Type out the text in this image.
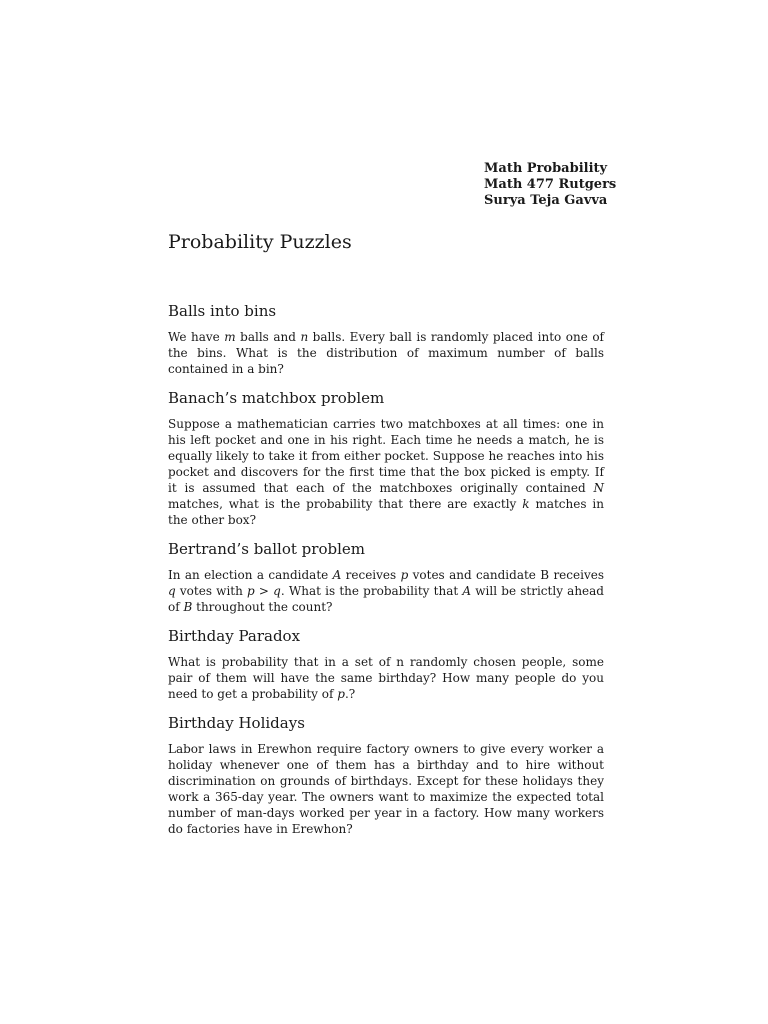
Math Probability
Math 477 Rutgers
Surya Teja Gavva
Probability Puzzles
Balls into bins

We have m balls and n balls. Every ball is randomly placed into one of the bins. What is the distribution of maximum number of balls contained in a bin?

Banach’s matchbox problem

Suppose a mathematician carries two matchboxes at all times: one in his left pocket and one in his right. Each time he needs a match, he is equally likely to take it from either pocket. Suppose he reaches into his pocket and discovers for the first time that the box picked is empty. If it is assumed that each of the matchboxes originally contained N matches, what is the probability that there are exactly k matches in the other box?

Bertrand’s ballot problem

In an election a candidate A receives p votes and candidate B receives q votes with p > q. What is the probability that A will be strictly ahead of B throughout the count?

Birthday Paradox

What is probability that in a set of n randomly chosen people, some pair of them will have the same birthday? How many people do you need to get a probability of p.?

Birthday Holidays

Labor laws in Erewhon require factory owners to give every worker a holiday whenever one of them has a birthday and to hire without discrimination on grounds of birthdays. Except for these holidays they work a 365-day year. The owners want to maximize the expected total number of man-days worked per year in a factory. How many workers do factories have in Erewhon?
